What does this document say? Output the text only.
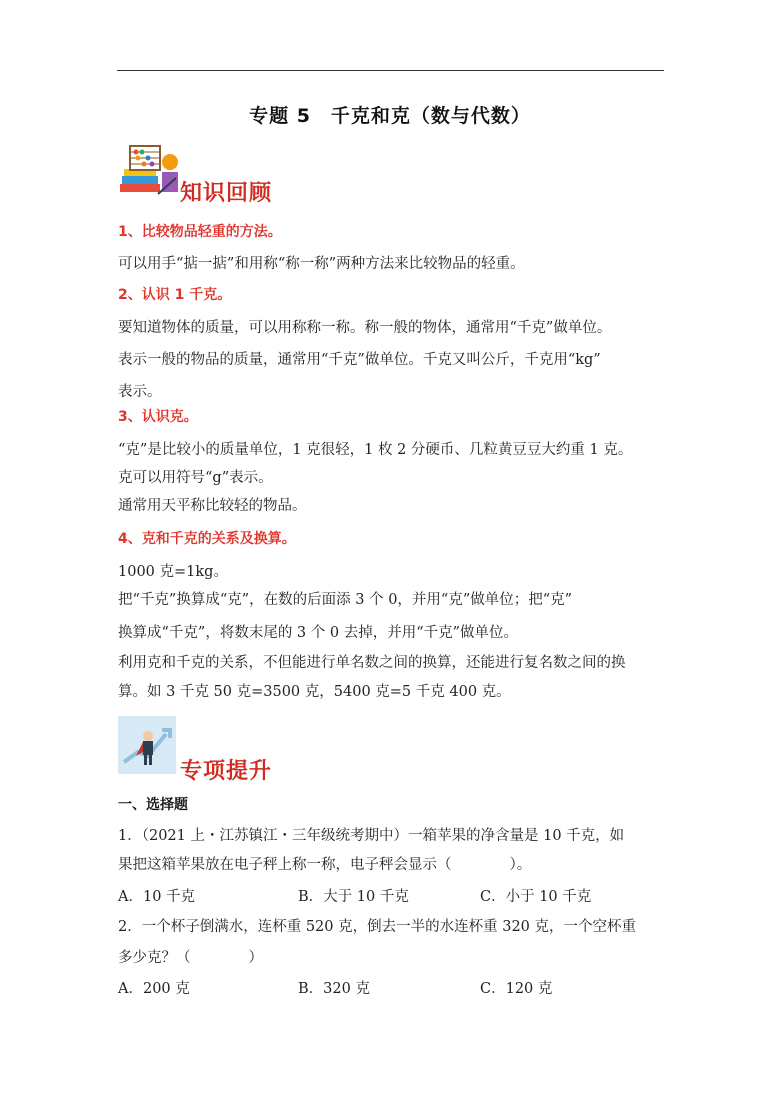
专题 5　千克和克（数与代数）
知识回顾
1、比较物品轻重的方法。
可以用手“掂一掂”和用称“称一称”两种方法来比较物品的轻重。
2、认识 1 千克。
要知道物体的质量，可以用称称一称。称一般的物体，通常用“千克”做单位。
表示一般的物品的质量，通常用“千克”做单位。千克又叫公斤，千克用“kg”
表示。
3、认识克。
“克”是比较小的质量单位，1 克很轻，1 枚 2 分硬币、几粒黄豆豆大约重 1 克。
克可以用符号“g”表示。
通常用天平称比较轻的物品。
4、克和千克的关系及换算。
1000 克=1kg。
把“千克”换算成“克”，在数的后面添 3 个 0，并用“克”做单位；把“克”
换算成“千克”，将数末尾的 3 个 0 去掉，并用“千克”做单位。
利用克和千克的关系，不但能进行单名数之间的换算，还能进行复名数之间的换
算。如 3 千克 50 克=3500 克，5400 克=5 千克 400 克。
专项提升
一、选择题
1．（2021 上・江苏镇江・三年级统考期中）一箱苹果的净含量是 10 千克，如
果把这箱苹果放在电子秤上称一称，电子秤会显示（　　　　）。
A．10 千克	B．大于 10 千克	C．小于 10 千克
2．一个杯子倒满水，连杯重 520 克，倒去一半的水连杯重 320 克，一个空杯重
多少克？（　　　　）
A．200 克	B．320 克	C．120 克
